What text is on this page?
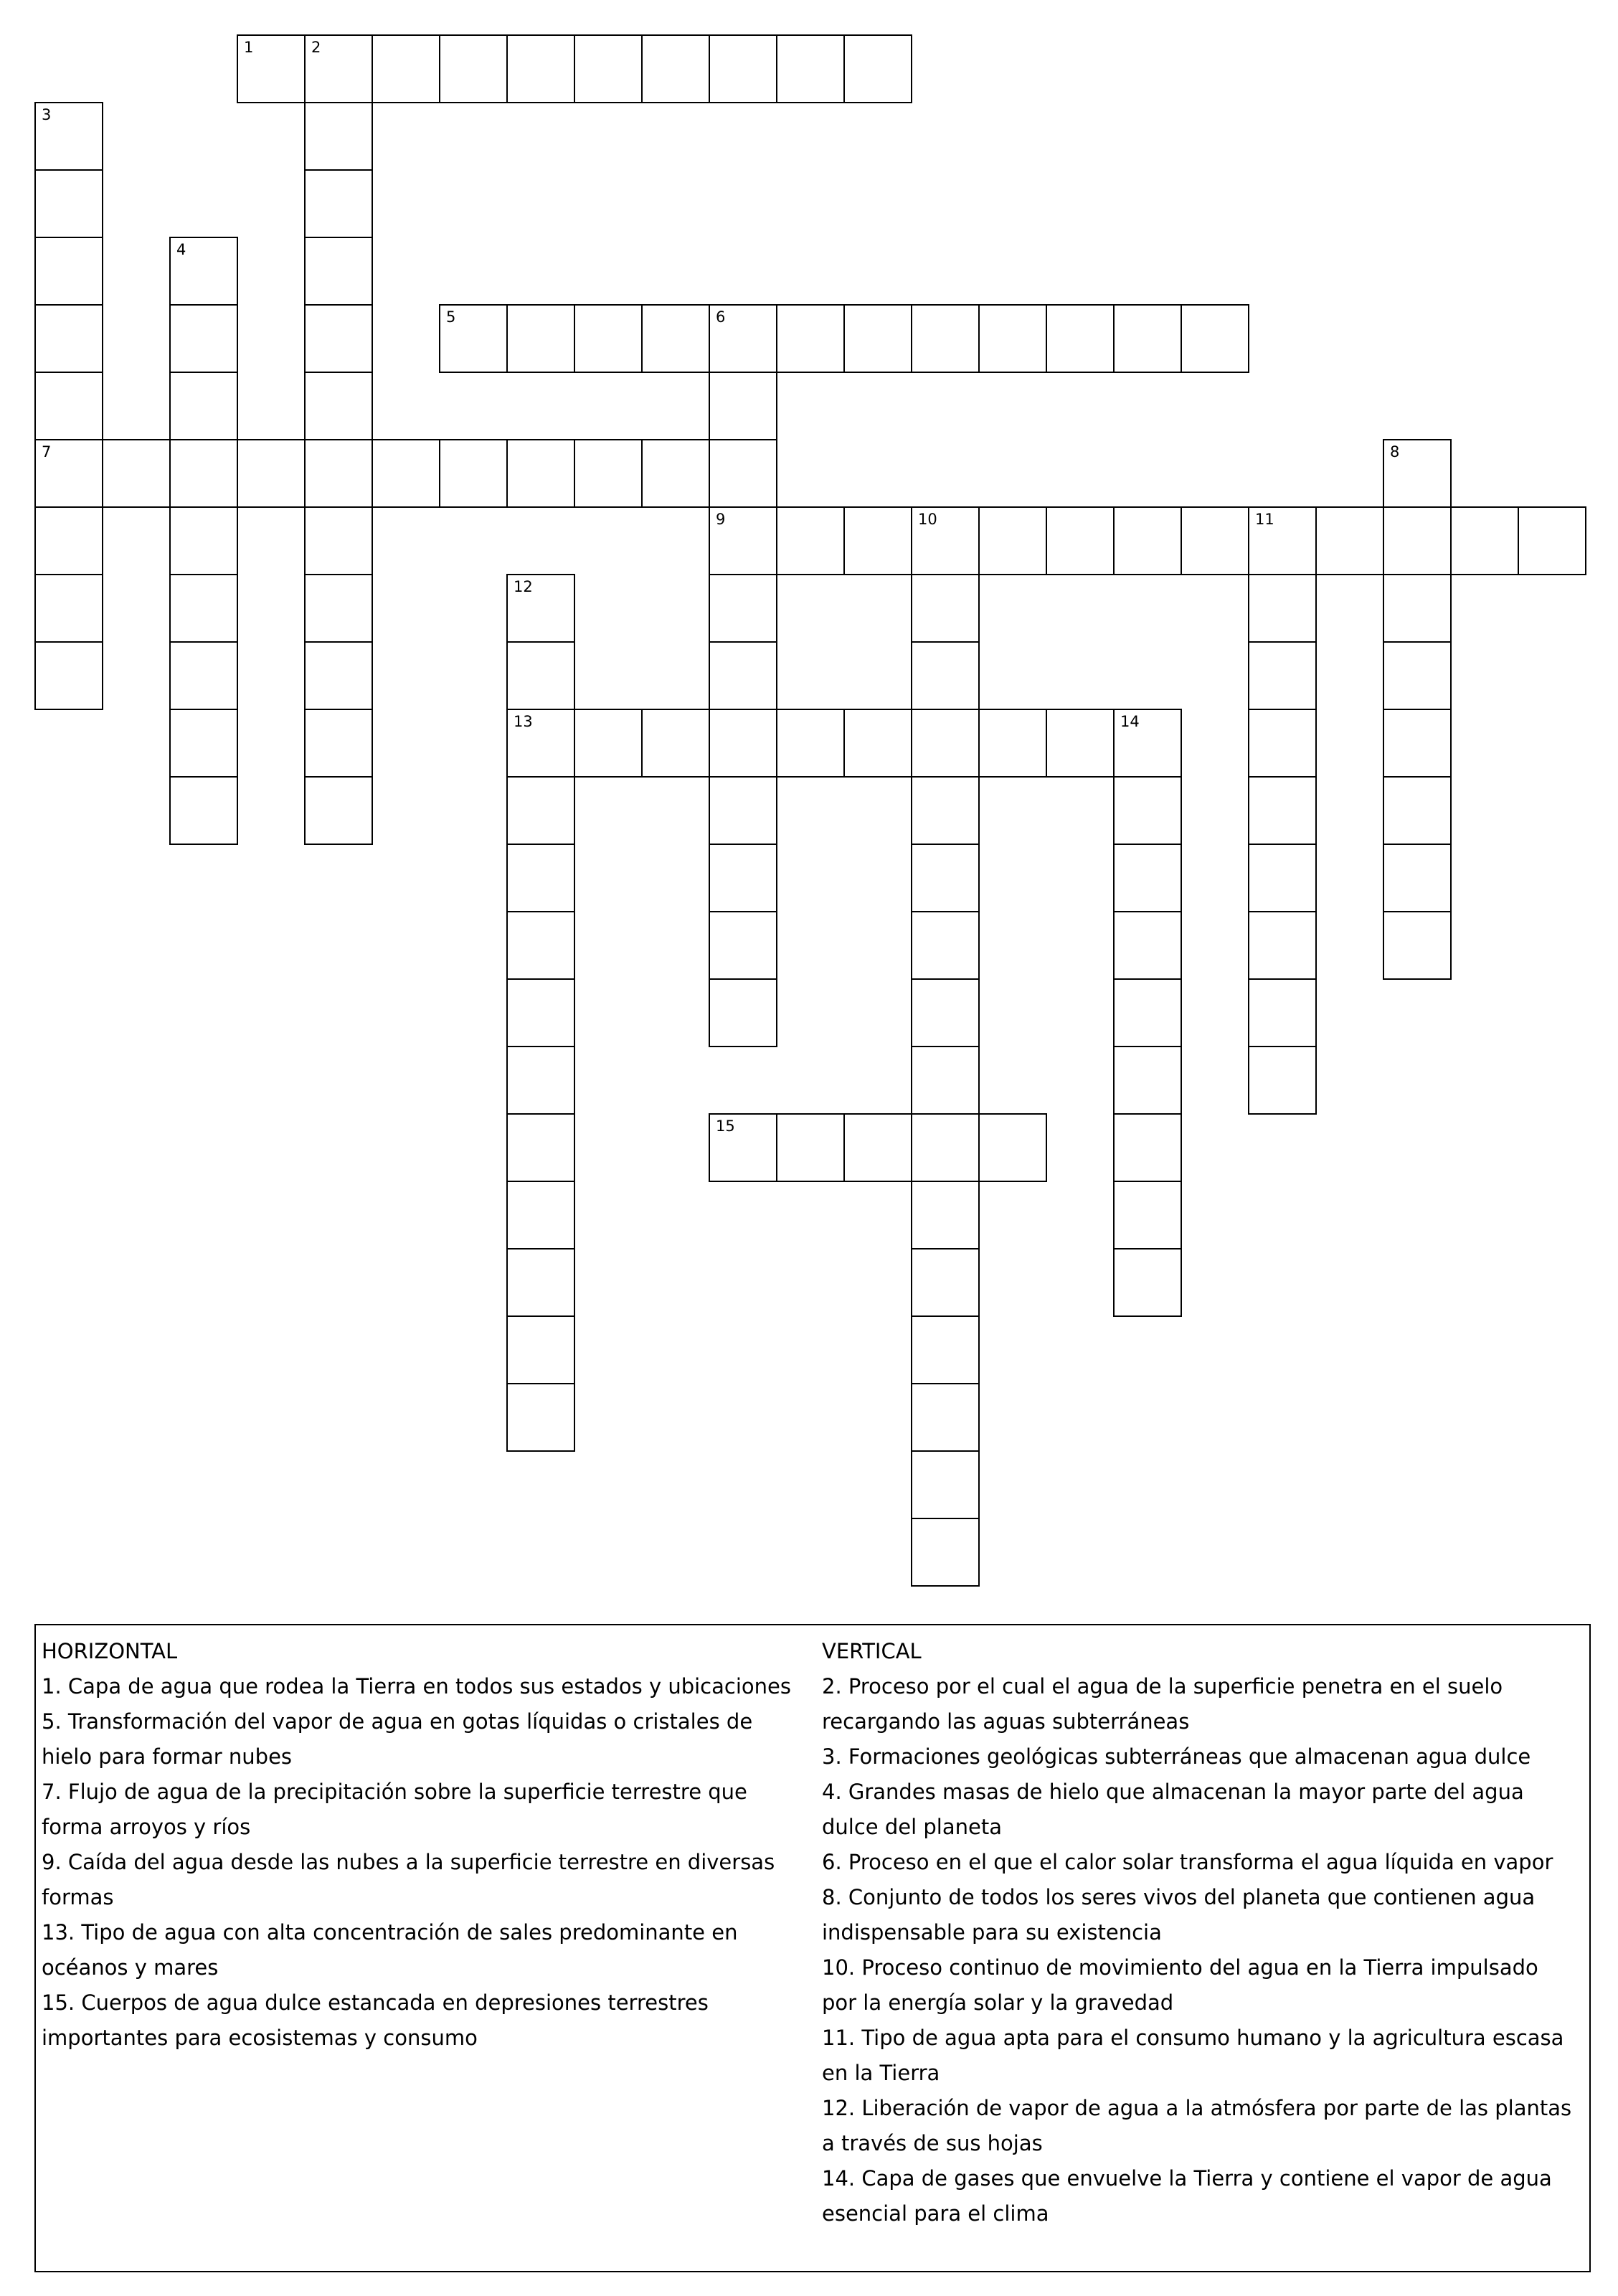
1	2
5	6
7
9	10	11
13	14
15
3
4
8
12
HORIZONTAL
1. Capa de agua que rodea la Tierra en todos sus estados y ubicaciones
5. Transformación del vapor de agua en gotas líquidas o cristales de hielo para formar nubes
7. Flujo de agua de la precipitación sobre la superficie terrestre que forma arroyos y ríos
9. Caída del agua desde las nubes a la superficie terrestre en diversas formas
13. Tipo de agua con alta concentración de sales predominante en océanos y mares
15. Cuerpos de agua dulce estancada en depresiones terrestres importantes para ecosistemas y consumo
VERTICAL
2. Proceso por el cual el agua de la superficie penetra en el suelo recargando las aguas subterráneas
3. Formaciones geológicas subterráneas que almacenan agua dulce
4. Grandes masas de hielo que almacenan la mayor parte del agua dulce del planeta
6. Proceso en el que el calor solar transforma el agua líquida en vapor
8. Conjunto de todos los seres vivos del planeta que contienen agua indispensable para su existencia
10. Proceso continuo de movimiento del agua en la Tierra impulsado por la energía solar y la gravedad
11. Tipo de agua apta para el consumo humano y la agricultura escasa en la Tierra
12. Liberación de vapor de agua a la atmósfera por parte de las plantas a través de sus hojas
14. Capa de gases que envuelve la Tierra y contiene el vapor de agua esencial para el clima
